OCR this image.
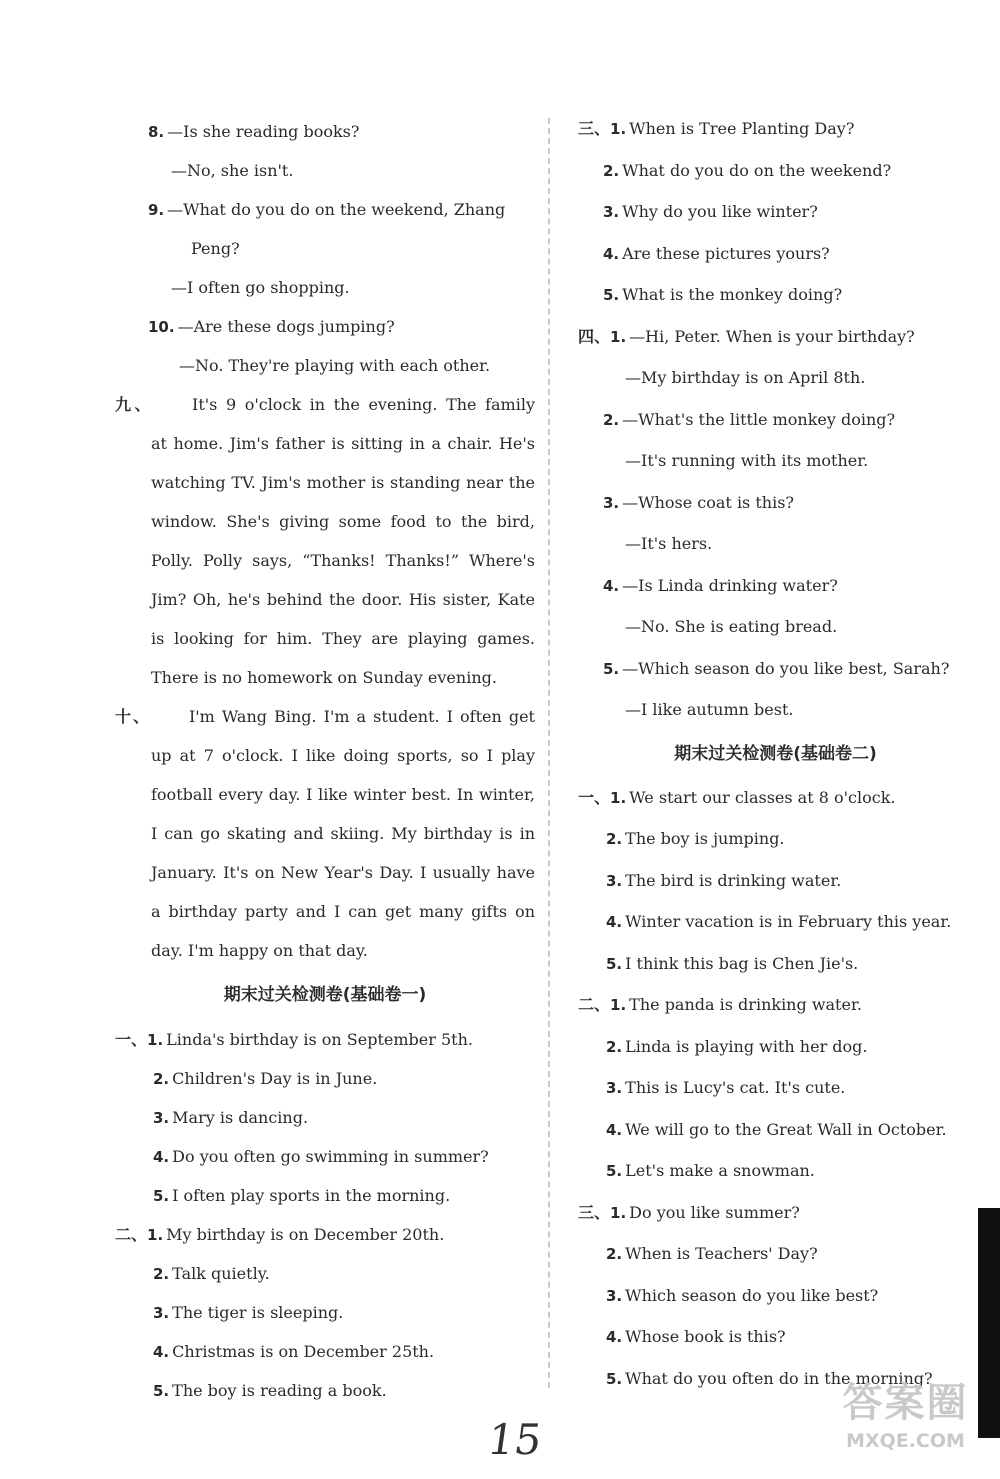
8. —Is she reading books?
—No, she isn't.
9. —What do you do on the weekend, Zhang
Peng?
—I often go shopping.
10. —Are these dogs jumping?
—No. They're playing with each other.
九、 It's 9 o'clock in the evening. The family
at home. Jim's father is sitting in a chair. He's
watching TV. Jim's mother is standing near the
window. She's giving some food to the bird,
Polly. Polly says, “Thanks! Thanks!” Where's
Jim? Oh, he's behind the door. His sister, Kate
is looking for him. They are playing games.
There is no homework on Sunday evening.
十、 I'm Wang Bing. I'm a student. I often get
up at 7 o'clock. I like doing sports, so I play
football every day. I like winter best. In winter,
I can go skating and skiing. My birthday is in
January. It's on New Year's Day. I usually have
a birthday party and I can get many gifts on
day. I'm happy on that day.
期末过关检测卷(基础卷一)
一、1. Linda's birthday is on September 5th.
2. Children's Day is in June.
3. Mary is dancing.
4. Do you often go swimming in summer?
5. I often play sports in the morning.
二、1. My birthday is on December 20th.
2. Talk quietly.
3. The tiger is sleeping.
4. Christmas is on December 25th.
5. The boy is reading a book.
三、1. When is Tree Planting Day?
2. What do you do on the weekend?
3. Why do you like winter?
4. Are these pictures yours?
5. What is the monkey doing?
四、1. —Hi, Peter. When is your birthday?
—My birthday is on April 8th.
2. —What's the little monkey doing?
—It's running with its mother.
3. —Whose coat is this?
—It's hers.
4. —Is Linda drinking water?
—No. She is eating bread.
5. —Which season do you like best, Sarah?
—I like autumn best.
期末过关检测卷(基础卷二)
一、1. We start our classes at 8 o'clock.
2. The boy is jumping.
3. The bird is drinking water.
4. Winter vacation is in February this year.
5. I think this bag is Chen Jie's.
二、1. The panda is drinking water.
2. Linda is playing with her dog.
3. This is Lucy's cat. It's cute.
4. We will go to the Great Wall in October.
5. Let's make a snowman.
三、1. Do you like summer?
2. When is Teachers' Day?
3. Which season do you like best?
4. Whose book is this?
5. What do you often do in the morning?
15
答案圈
MXQE.COM
